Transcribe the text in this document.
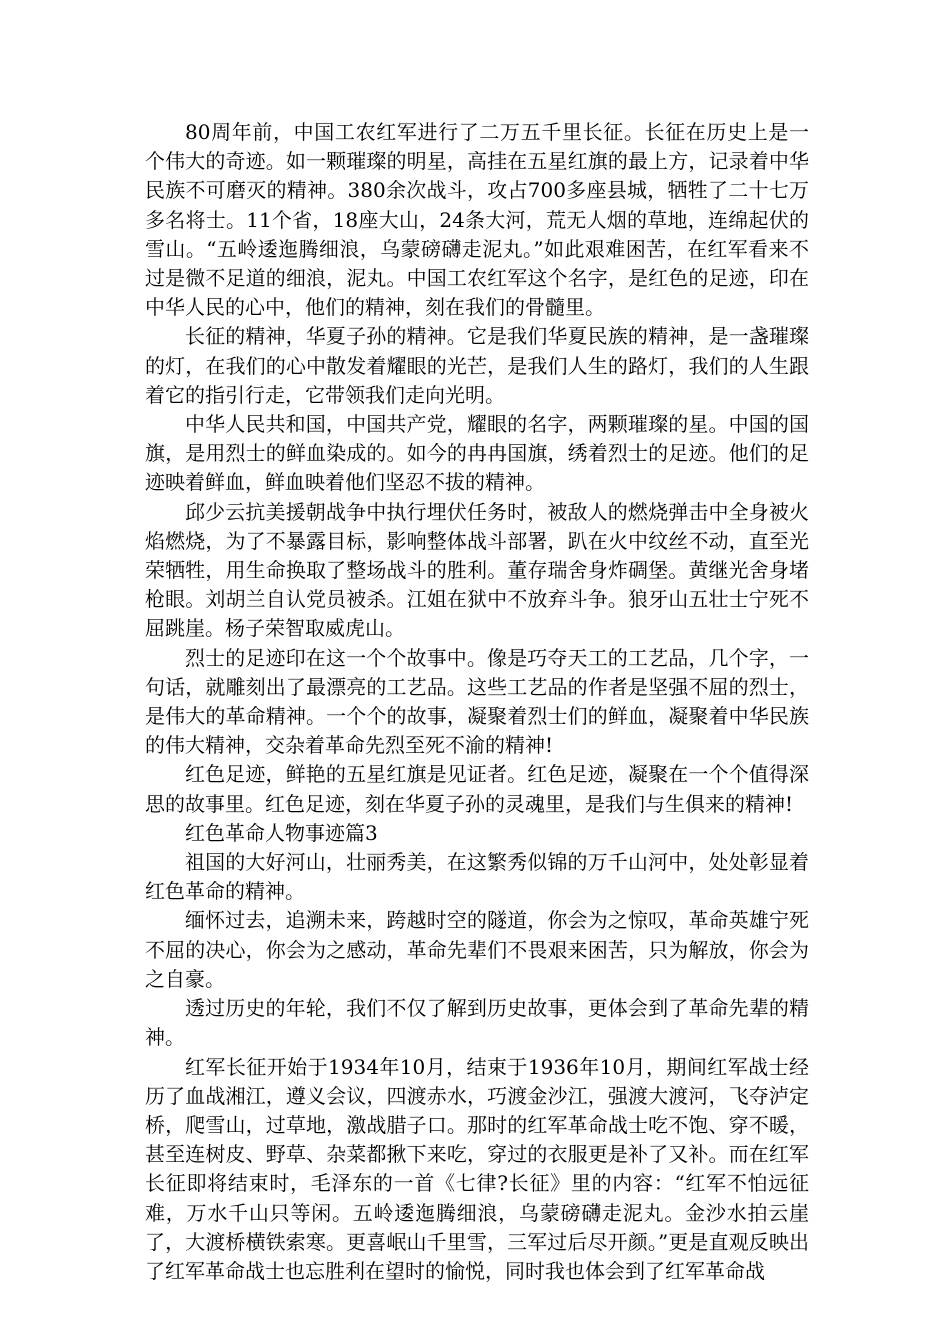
80周年前，中国工农红军进行了二万五千里长征。长征在历史上是一个伟大的奇迹。如一颗璀璨的明星，高挂在五星红旗的最上方，记录着中华民族不可磨灭的精神。380余次战斗，攻占700多座县城，牺牲了二十七万多名将士。11个省，18座大山，24条大河，荒无人烟的草地，连绵起伏的雪山。“五岭逶迤腾细浪，乌蒙磅礴走泥丸。”如此艰难困苦，在红军看来不过是微不足道的细浪，泥丸。中国工农红军这个名字，是红色的足迹，印在中华人民的心中，他们的精神，刻在我们的骨髓里。

长征的精神，华夏子孙的精神。它是我们华夏民族的精神，是一盏璀璨的灯，在我们的心中散发着耀眼的光芒，是我们人生的路灯，我们的人生跟着它的指引行走，它带领我们走向光明。

中华人民共和国，中国共产党，耀眼的名字，两颗璀璨的星。中国的国旗，是用烈士的鲜血染成的。如今的冉冉国旗，绣着烈士的足迹。他们的足迹映着鲜血，鲜血映着他们坚忍不拔的精神。

邱少云抗美援朝战争中执行埋伏任务时，被敌人的燃烧弹击中全身被火焰燃烧，为了不暴露目标，影响整体战斗部署，趴在火中纹丝不动，直至光荣牺牲，用生命换取了整场战斗的胜利。董存瑞舍身炸碉堡。黄继光舍身堵枪眼。刘胡兰自认党员被杀。江姐在狱中不放弃斗争。狼牙山五壮士宁死不屈跳崖。杨子荣智取威虎山。

烈士的足迹印在这一个个故事中。像是巧夺天工的工艺品，几个字，一句话，就雕刻出了最漂亮的工艺品。这些工艺品的作者是坚强不屈的烈士，是伟大的革命精神。一个个的故事，凝聚着烈士们的鲜血，凝聚着中华民族的伟大精神，交杂着革命先烈至死不渝的精神!

红色足迹，鲜艳的五星红旗是见证者。红色足迹，凝聚在一个个值得深思的故事里。红色足迹，刻在华夏子孙的灵魂里，是我们与生俱来的精神!

红色革命人物事迹篇3

祖国的大好河山，壮丽秀美，在这繁秀似锦的万千山河中，处处彰显着红色革命的精神。

缅怀过去，追溯未来，跨越时空的隧道，你会为之惊叹，革命英雄宁死不屈的决心，你会为之感动，革命先辈们不畏艰来困苦，只为解放，你会为之自豪。

透过历史的年轮，我们不仅了解到历史故事，更体会到了革命先辈的精神。

红军长征开始于1934年10月，结束于1936年10月，期间红军战士经历了血战湘江，遵义会议，四渡赤水，巧渡金沙江，强渡大渡河，飞夺泸定桥，爬雪山，过草地，激战腊子口。那时的红军革命战士吃不饱、穿不暖，甚至连树皮、野草、杂菜都揪下来吃，穿过的衣服更是补了又补。而在红军长征即将结束时，毛泽东的一首《七律?长征》里的内容：“红军不怕远征难，万水千山只等闲。五岭逶迤腾细浪，乌蒙磅礴走泥丸。金沙水拍云崖了，大渡桥横铁索寒。更喜岷山千里雪，三军过后尽开颜。”更是直观反映出了红军革命战士也忘胜利在望时的愉悦，同时我也体会到了红军革命战
